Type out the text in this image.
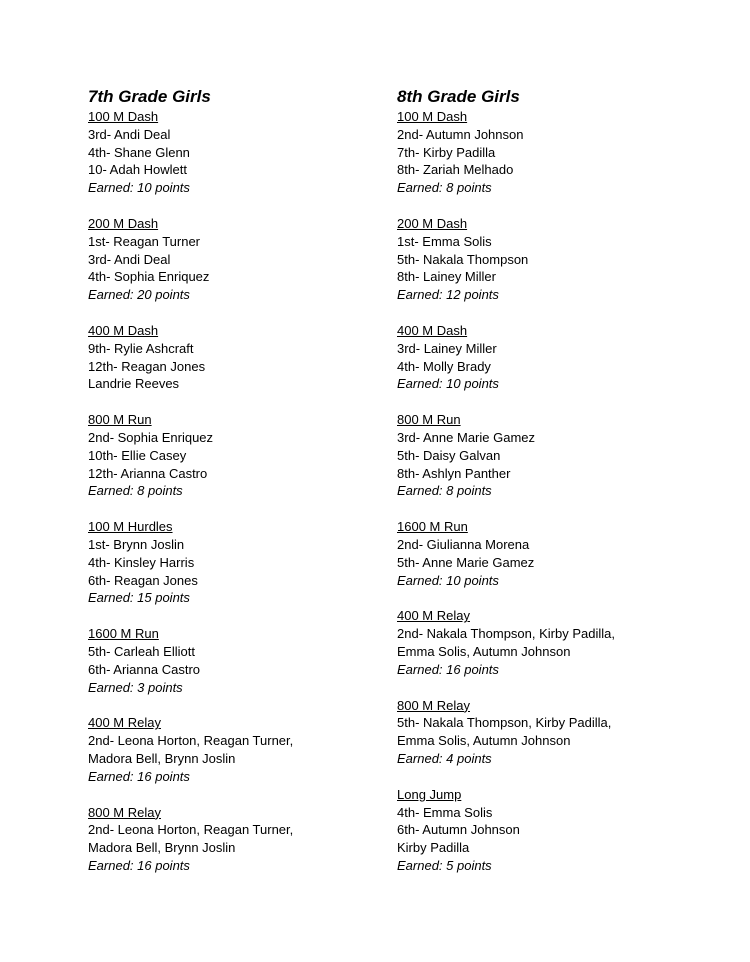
7th Grade Girls
100 M Dash
3rd- Andi Deal
4th- Shane Glenn
10- Adah Howlett
Earned: 10 points
200 M Dash
1st- Reagan Turner
3rd- Andi Deal
4th- Sophia Enriquez
Earned: 20 points
400 M Dash
9th- Rylie Ashcraft
12th- Reagan Jones
Landrie Reeves
800 M Run
2nd- Sophia Enriquez
10th- Ellie Casey
12th- Arianna Castro
Earned: 8 points
100 M Hurdles
1st- Brynn Joslin
4th- Kinsley Harris
6th- Reagan Jones
Earned: 15 points
1600 M Run
5th- Carleah Elliott
6th- Arianna Castro
Earned: 3 points
400 M Relay
2nd- Leona Horton, Reagan Turner,
Madora Bell, Brynn Joslin
Earned: 16 points
800 M Relay
2nd- Leona Horton, Reagan Turner,
Madora Bell, Brynn Joslin
Earned: 16 points
8th Grade Girls
100 M Dash
2nd- Autumn Johnson
7th- Kirby Padilla
8th- Zariah Melhado
Earned: 8 points
200 M Dash
1st- Emma Solis
5th- Nakala Thompson
8th- Lainey Miller
Earned: 12 points
400 M Dash
3rd- Lainey Miller
4th- Molly Brady
Earned: 10 points
800 M Run
3rd- Anne Marie Gamez
5th- Daisy Galvan
8th- Ashlyn Panther
Earned: 8 points
1600 M Run
2nd- Giulianna Morena
5th- Anne Marie Gamez
Earned: 10 points
400 M Relay
2nd- Nakala Thompson, Kirby Padilla,
Emma Solis, Autumn Johnson
Earned: 16 points
800 M Relay
5th- Nakala Thompson, Kirby Padilla,
Emma Solis, Autumn Johnson
Earned: 4 points
Long Jump
4th- Emma Solis
6th- Autumn Johnson
Kirby Padilla
Earned: 5 points
